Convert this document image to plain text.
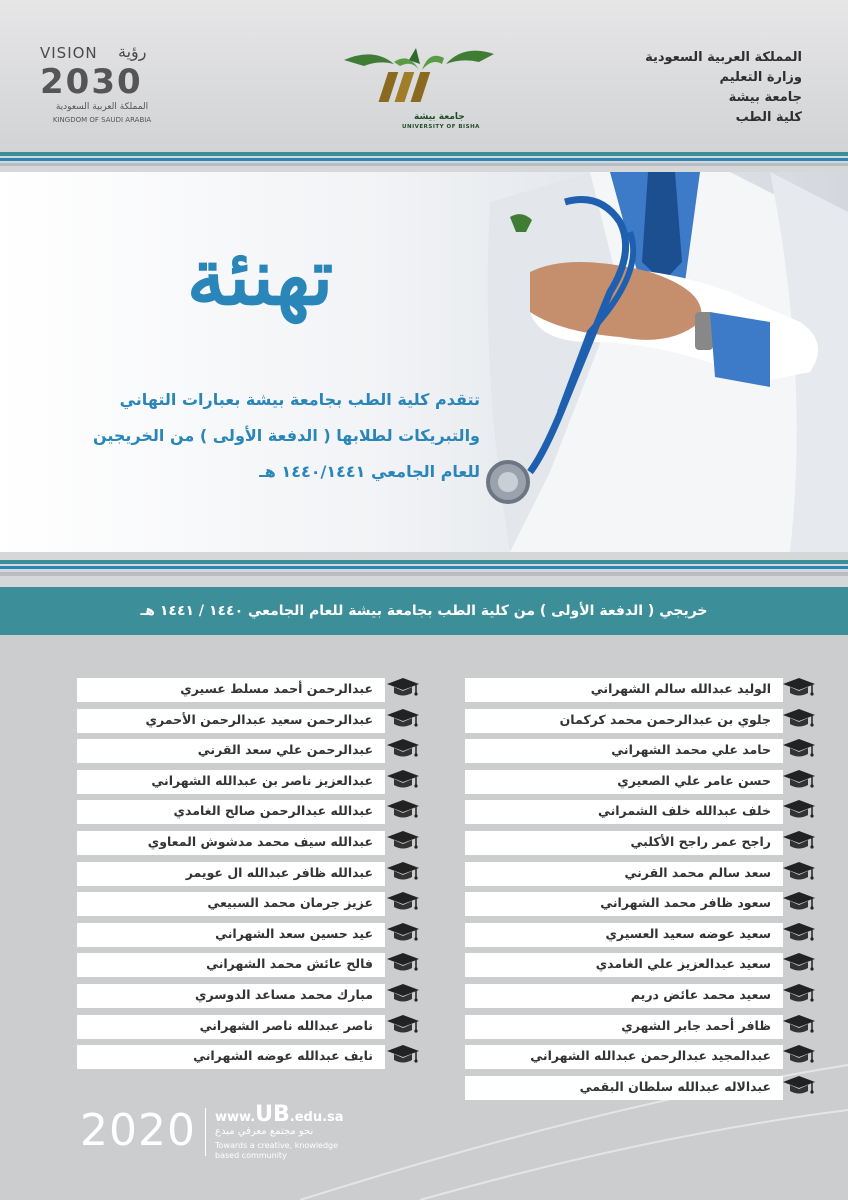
المملكة العربية السعودية
وزارة التعليم
جامعة بيشة
كلية الطب
جامعة بيشة
UNIVERSITY OF BISHA
VISION رؤية
2030
المملكة العربية السعودية
KINGDOM OF SAUDI ARABIA
تهنئة
تتقدم كلية الطب بجامعة بيشة بعبارات التهاني
والتبريكات لطلابها ( الدفعة الأولى ) من الخريجين
للعام الجامعي ١٤٤٠/١٤٤١ هـ
خريجي ( الدفعة الأولى ) من كلية الطب بجامعة بيشة للعام الجامعي ١٤٤٠ / ١٤٤١ هـ
الوليد عبدالله سالم الشهراني
جلوي بن عبدالرحمن محمد كركمان
حامد علي محمد الشهراني
حسن عامر علي الصعيري
خلف عبدالله خلف الشمراني
راجح عمر راجح الأكلبي
سعد سالم محمد القرني
سعود ظافر محمد الشهراني
سعيد عوضه سعيد العسيري
سعيد عبدالعزيز علي الغامدي
سعيد محمد عائض دريم
ظافر أحمد جابر الشهري
عبدالمجيد عبدالرحمن عبدالله الشهراني
عبدالاله عبدالله سلطان البقمي
عبدالرحمن أحمد مسلط عسيري
عبدالرحمن سعيد عبدالرحمن الأحمري
عبدالرحمن علي سعد القرني
عبدالعزيز ناصر بن عبدالله الشهراني
عبدالله عبدالرحمن صالح الغامدي
عبدالله سيف محمد مدشوش المعاوي
عبدالله ظافر عبدالله ال عويمر
عزيز جرمان محمد السبيعي
عيد حسين سعد الشهراني
فالح عائش محمد الشهراني
مبارك محمد مساعد الدوسري
ناصر عبدالله ناصر الشهراني
نايف عبدالله عوضه الشهراني
2020 www.UB.edu.sa
نحو مجتمع معرفي مبدع
Towards a creative, knowledge based community
